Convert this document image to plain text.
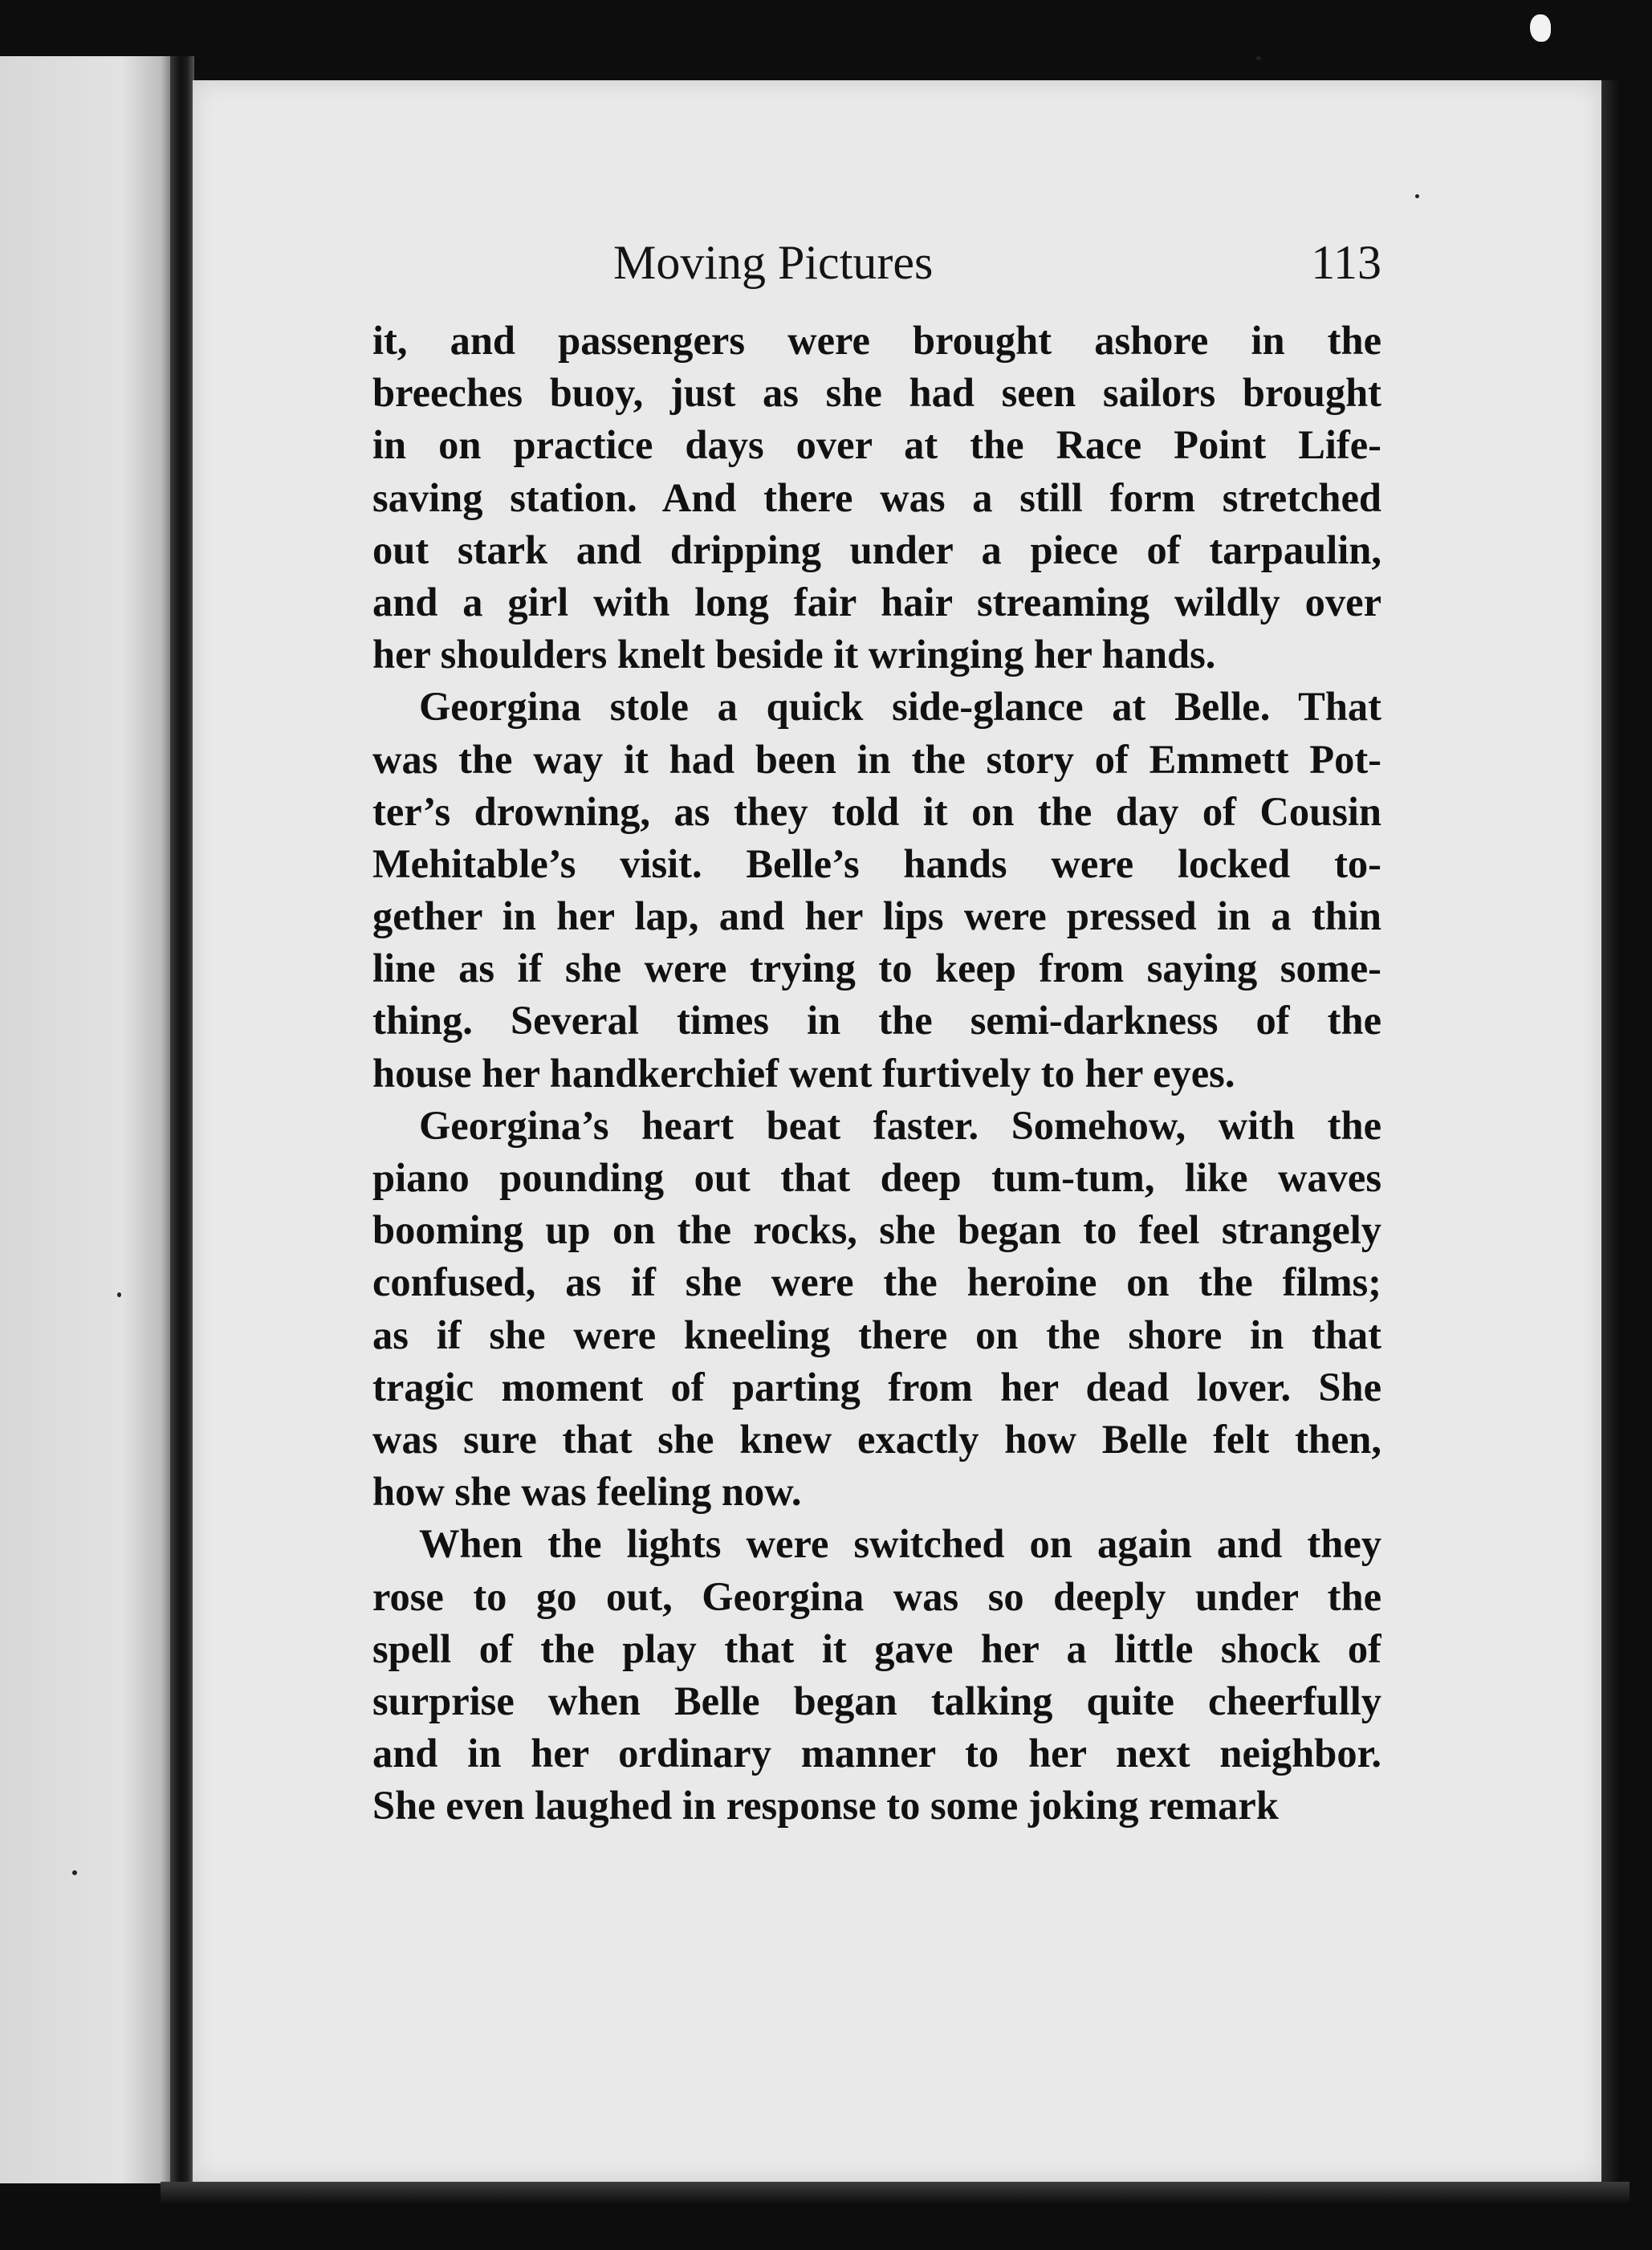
Moving Pictures	113
it, and passengers were brought ashore in the
breeches buoy, just as she had seen sailors brought
in on practice days over at the Race Point Life-
saving station. And there was a still form stretched
out stark and dripping under a piece of tarpaulin,
and a girl with long fair hair streaming wildly over
her shoulders knelt beside it wringing her hands.
Georgina stole a quick side-glance at Belle. That
was the way it had been in the story of Emmett Pot-
ter’s drowning, as they told it on the day of Cousin
Mehitable’s visit. Belle’s hands were locked to-
gether in her lap, and her lips were pressed in a thin
line as if she were trying to keep from saying some-
thing. Several times in the semi-darkness of the
house her handkerchief went furtively to her eyes.
Georgina’s heart beat faster. Somehow, with the
piano pounding out that deep tum-tum, like waves
booming up on the rocks, she began to feel strangely
confused, as if she were the heroine on the films;
as if she were kneeling there on the shore in that
tragic moment of parting from her dead lover. She
was sure that she knew exactly how Belle felt then,
how she was feeling now.
When the lights were switched on again and they
rose to go out, Georgina was so deeply under the
spell of the play that it gave her a little shock of
surprise when Belle began talking quite cheerfully
and in her ordinary manner to her next neighbor.
She even laughed in response to some joking remark
